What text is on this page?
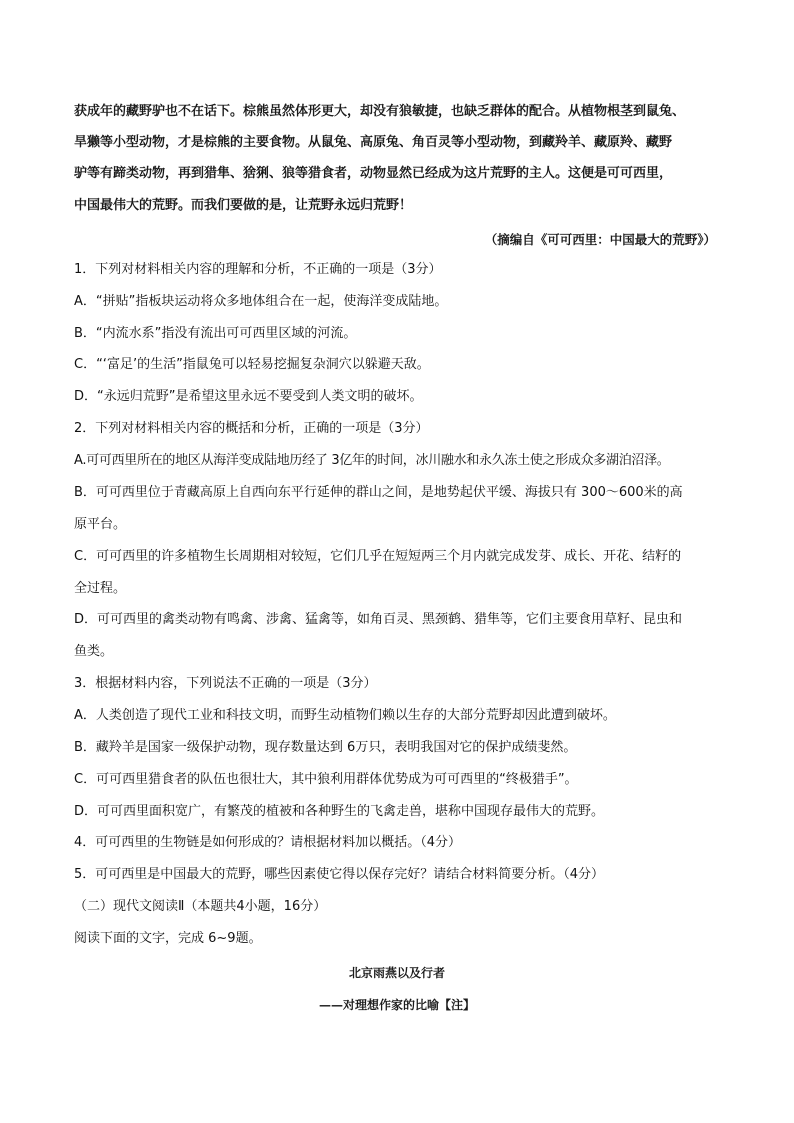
获成年的藏野驴也不在话下。棕熊虽然体形更大，却没有狼敏捷，也缺乏群体的配合。从植物根茎到鼠兔、
旱獭等小型动物，才是棕熊的主要食物。从鼠兔、高原兔、角百灵等小型动物，到藏羚羊、藏原羚、藏野
驴等有蹄类动物，再到猎隼、猞猁、狼等猎食者，动物显然已经成为这片荒野的主人。这便是可可西里，
中国最伟大的荒野。而我们要做的是，让荒野永远归荒野！
（摘编自《可可西里：中国最大的荒野》）
1．下列对材料相关内容的理解和分析，不正确的一项是（3分）
A．“拼贴”指板块运动将众多地体组合在一起，使海洋变成陆地。
B．“内流水系”指没有流出可可西里区域的河流。
C．“‘富足’的生活”指鼠兔可以轻易挖掘复杂洞穴以躲避天敌。
D．“永远归荒野”是希望这里永远不要受到人类文明的破坏。
2．下列对材料相关内容的概括和分析，正确的一项是（3分）
A.可可西里所在的地区从海洋变成陆地历经了 3亿年的时间，冰川融水和永久冻土使之形成众多湖泊沼泽。
B．可可西里位于青藏高原上自西向东平行延伸的群山之间，是地势起伏平缓、海拔只有 300～600米的高
原平台。
C．可可西里的许多植物生长周期相对较短，它们几乎在短短两三个月内就完成发芽、成长、开花、结籽的
全过程。
D．可可西里的禽类动物有鸣禽、涉禽、猛禽等，如角百灵、黑颈鹤、猎隼等，它们主要食用草籽、昆虫和
鱼类。
3．根据材料内容，下列说法不正确的一项是（3分）
A．人类创造了现代工业和科技文明，而野生动植物们赖以生存的大部分荒野却因此遭到破坏。
B．藏羚羊是国家一级保护动物，现存数量达到 6万只，表明我国对它的保护成绩斐然。
C．可可西里猎食者的队伍也很壮大，其中狼利用群体优势成为可可西里的“终极猎手”。
D．可可西里面积宽广，有繁茂的植被和各种野生的飞禽走兽，堪称中国现存最伟大的荒野。
4．可可西里的生物链是如何形成的？请根据材料加以概括。（4分）
5．可可西里是中国最大的荒野，哪些因素使它得以保存完好？请结合材料简要分析。（4分）
（二）现代文阅读Ⅱ（本题共4小题，16分）
阅读下面的文字，完成 6~9题。
北京雨燕以及行者
——对理想作家的比喻【注】
